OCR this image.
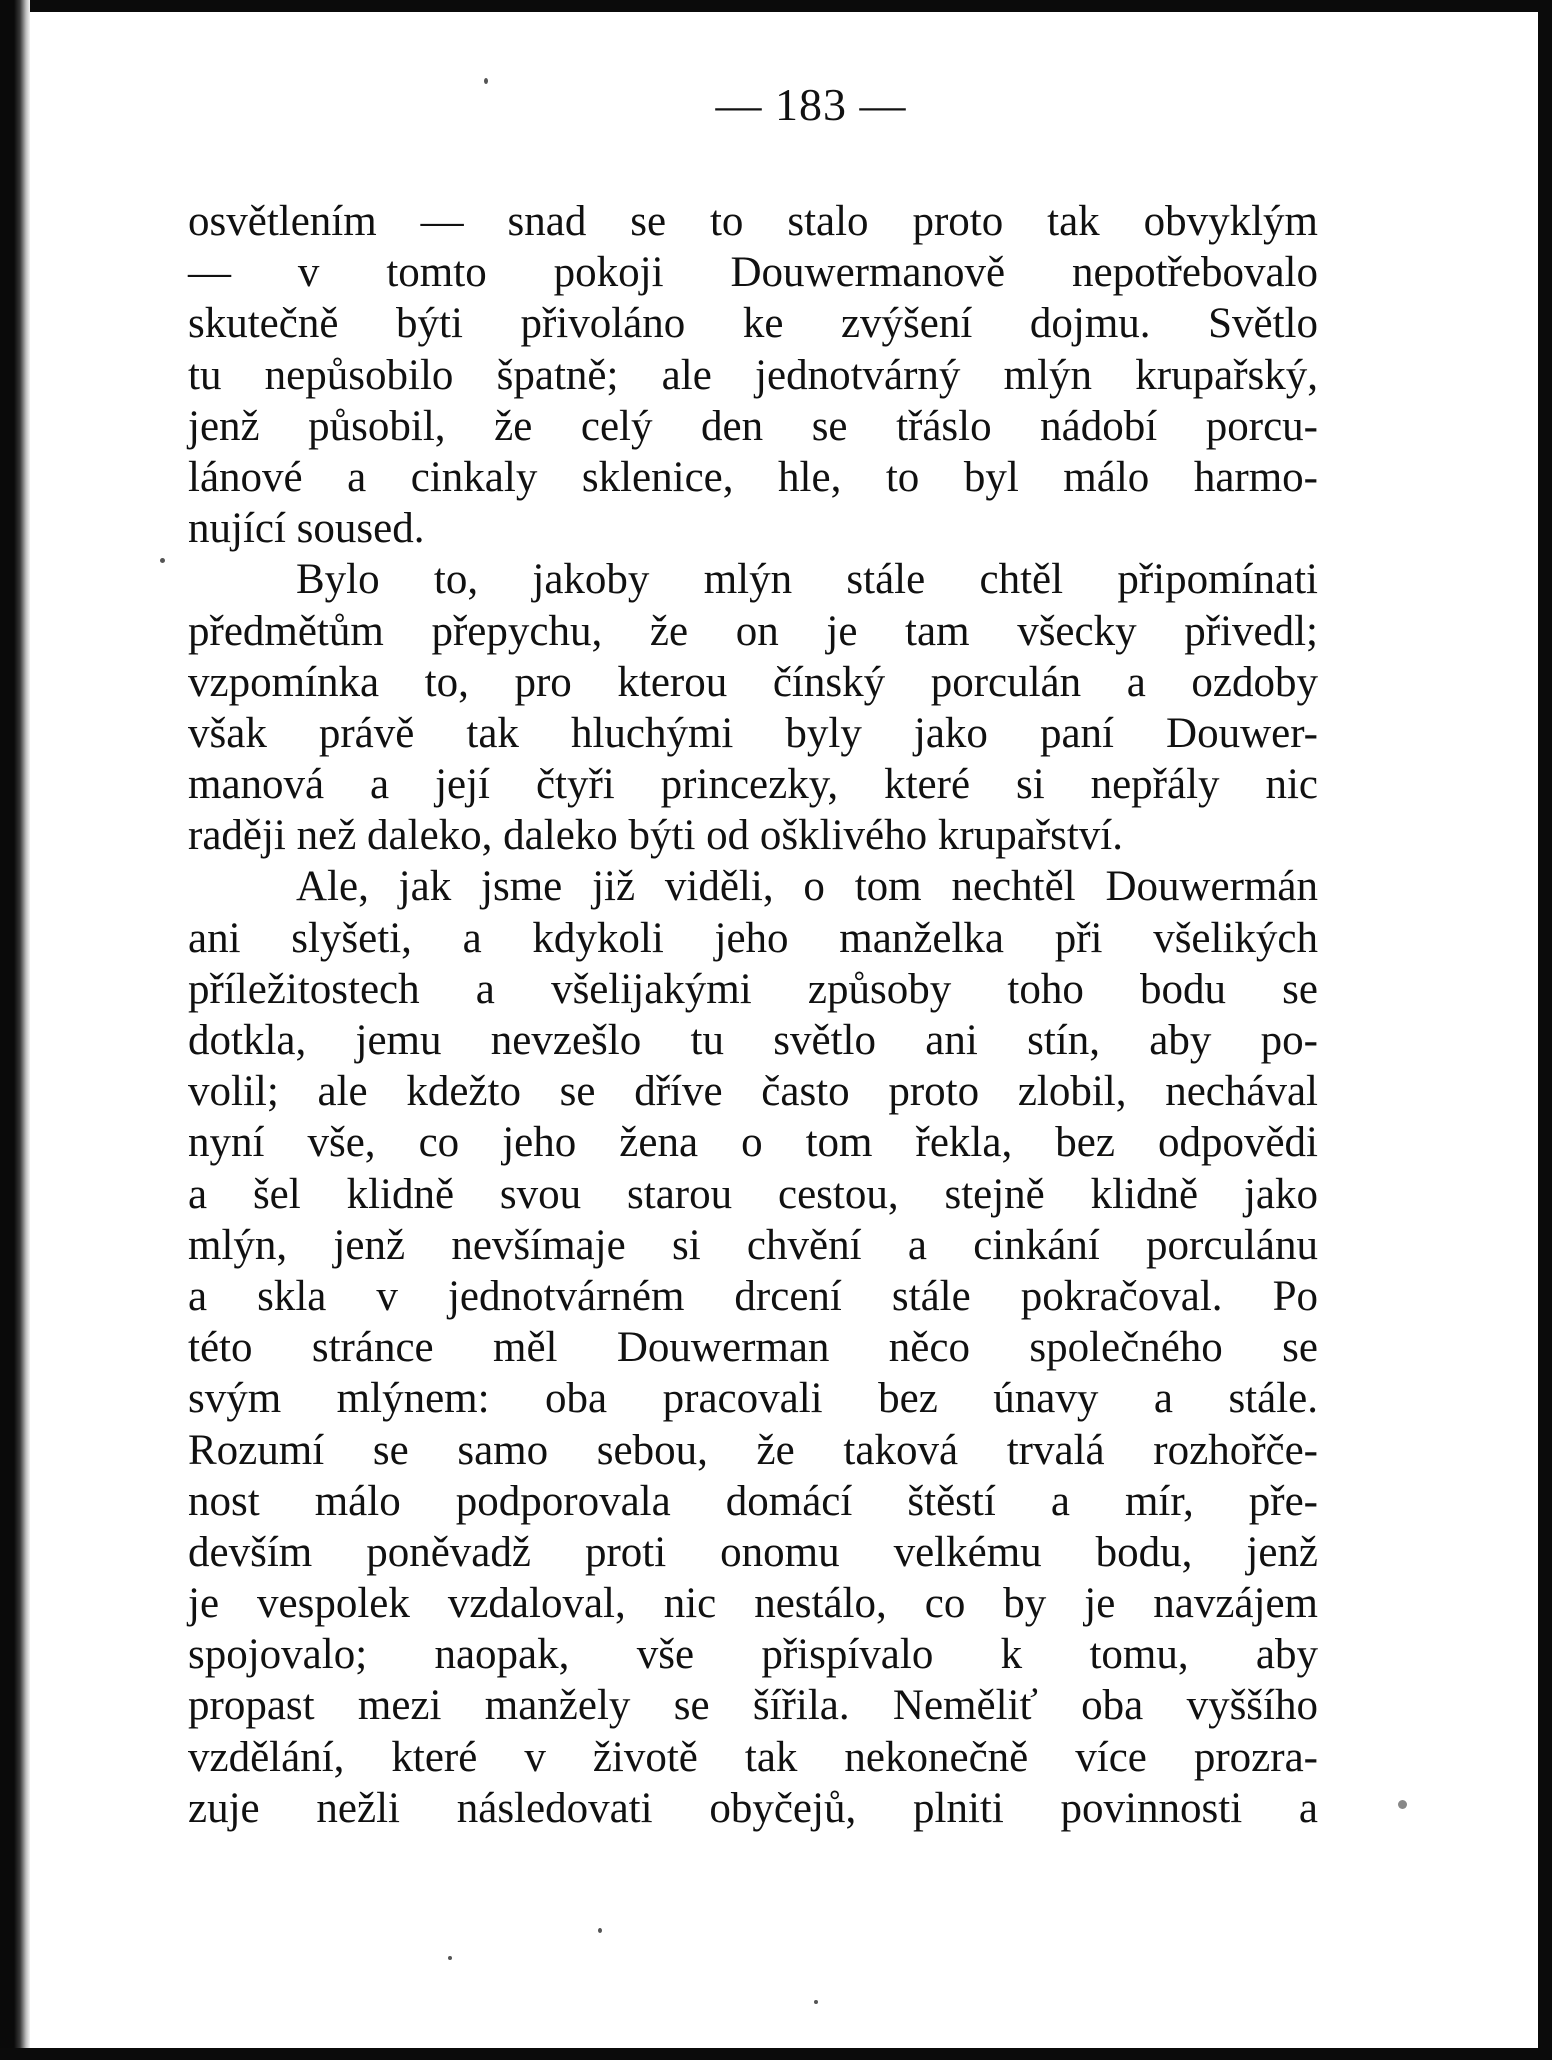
— 183 —
osvětlením — snad se to stalo proto tak obvyklým
— v tomto pokoji Douwermanově nepotřebovalo
skutečně býti přivoláno ke zvýšení dojmu. Světlo
tu nepůsobilo špatně; ale jednotvárný mlýn krupařský,
jenž působil, že celý den se třáslo nádobí porcu-
lánové a cinkaly sklenice, hle, to byl málo harmo-
nující soused.
Bylo to, jakoby mlýn stále chtěl připomínati
předmětům přepychu, že on je tam všecky přivedl;
vzpomínka to, pro kterou čínský porculán a ozdoby
však právě tak hluchými byly jako paní Douwer-
manová a její čtyři princezky, které si nepřály nic
raději než daleko, daleko býti od ošklivého krupařství.
Ale, jak jsme již viděli, o tom nechtěl Douwermán
ani slyšeti, a kdykoli jeho manželka při všelikých
příležitostech a všelijakými způsoby toho bodu se
dotkla, jemu nevzešlo tu světlo ani stín, aby po-
volil; ale kdežto se dříve často proto zlobil, nechával
nyní vše, co jeho žena o tom řekla, bez odpovědi
a šel klidně svou starou cestou, stejně klidně jako
mlýn, jenž nevšímaje si chvění a cinkání porculánu
a skla v jednotvárném drcení stále pokračoval. Po
této stránce měl Douwerman něco společného se
svým mlýnem: oba pracovali bez únavy a stále.
Rozumí se samo sebou, že taková trvalá rozhořče-
nost málo podporovala domácí štěstí a mír, pře-
devším poněvadž proti onomu velkému bodu, jenž
je vespolek vzdaloval, nic nestálo, co by je navzájem
spojovalo; naopak, vše přispívalo k tomu, aby
propast mezi manžely se šířila. Neměliť oba vyššího
vzdělání, které v životě tak nekonečně více prozra-
zuje nežli následovati obyčejů, plniti povinnosti a
